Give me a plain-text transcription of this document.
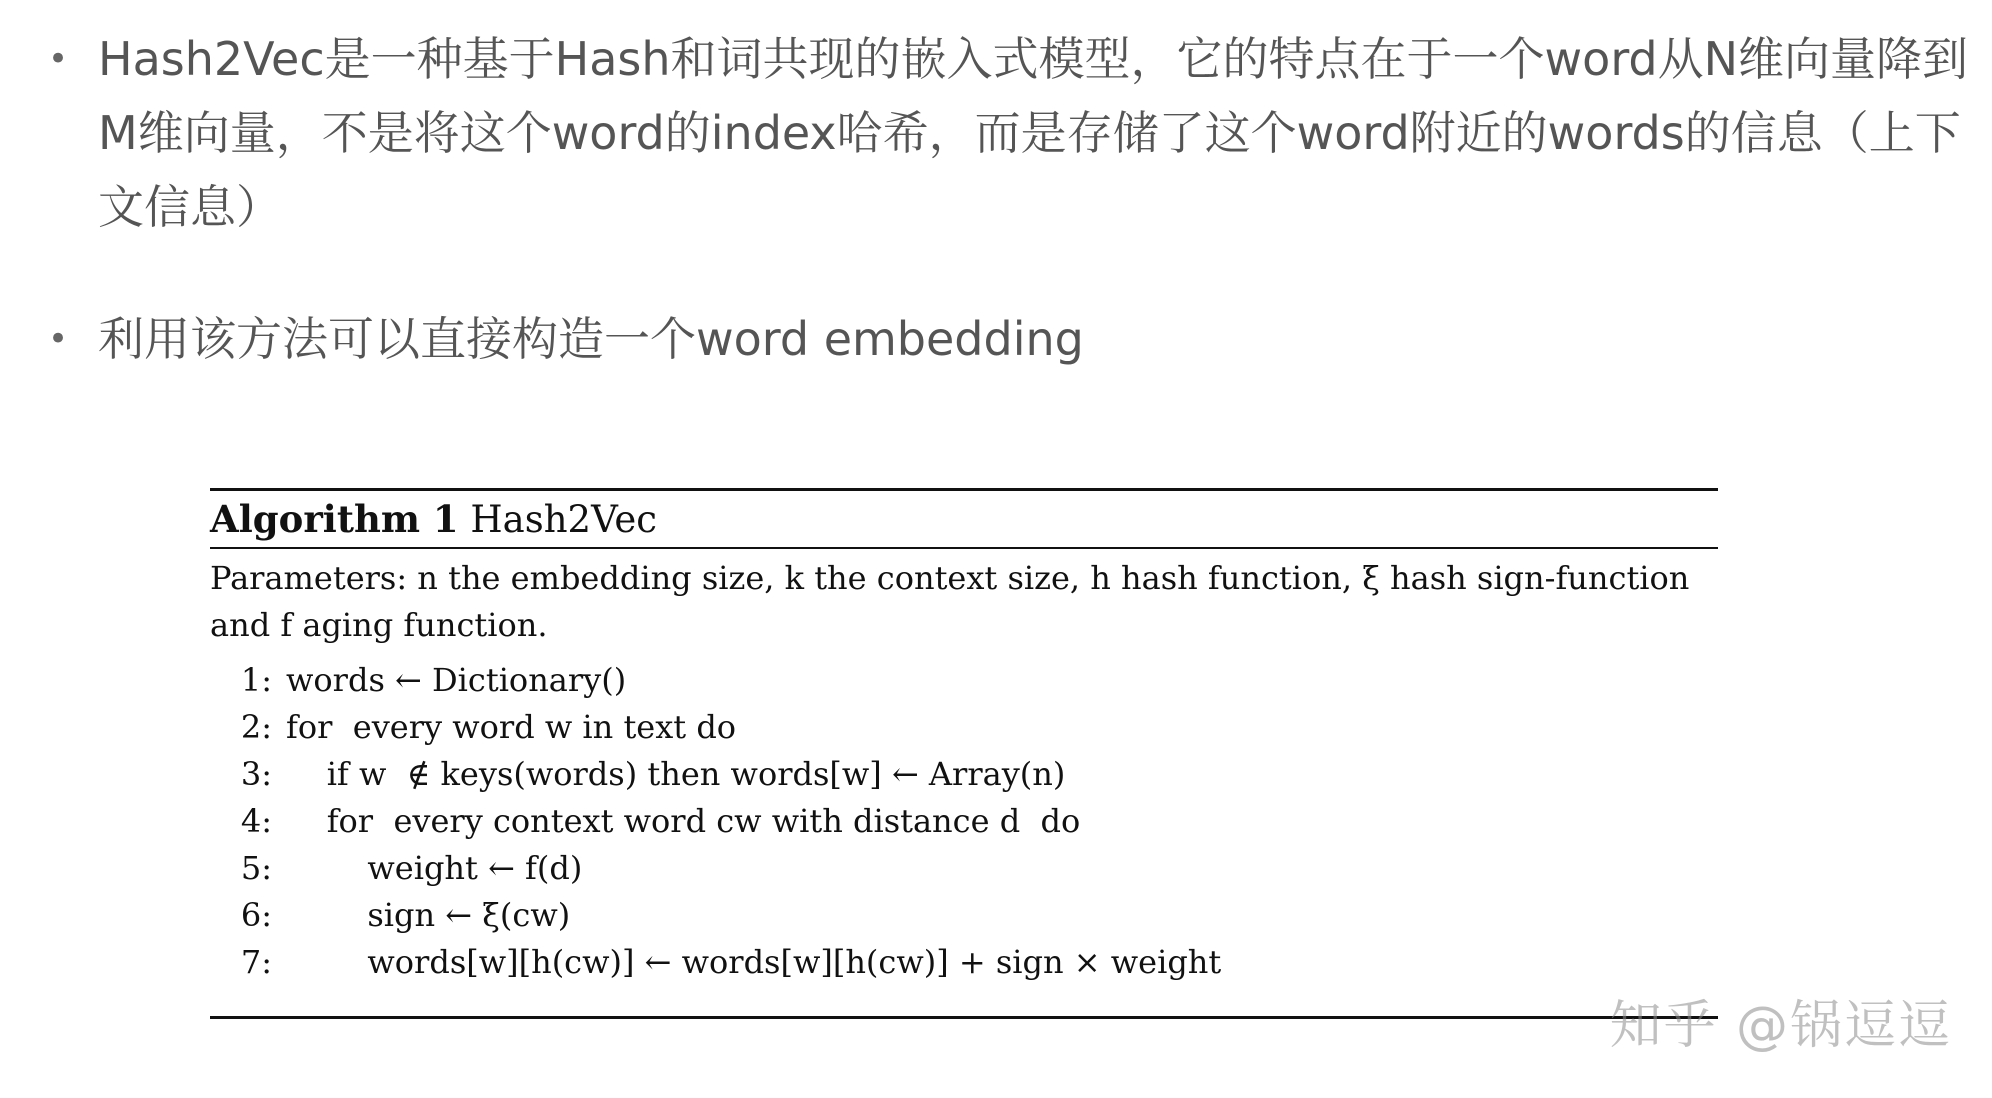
• Hash2Vec是一种基于Hash和词共现的嵌入式模型，它的特点在于一个word从N维向量降到M维向量，不是将这个word的index哈希，而是存储了这个word附近的words的信息（上下文信息）
• 利用该方法可以直接构造一个word embedding
Algorithm 1 Hash2Vec
Parameters: n the embedding size, k the context size, h hash function, ξ hash sign-function and f aging function.
1: words ← Dictionary()
2: for  every word w in text do
3: if w  ∉ keys(words) then words[w] ← Array(n)
4: for  every context word cw with distance d  do
5: weight ← f(d)
6: sign ← ξ(cw)
7: words[w][h(cw)] ← words[w][h(cw)] + sign × weight
知乎 @锅逗逗
